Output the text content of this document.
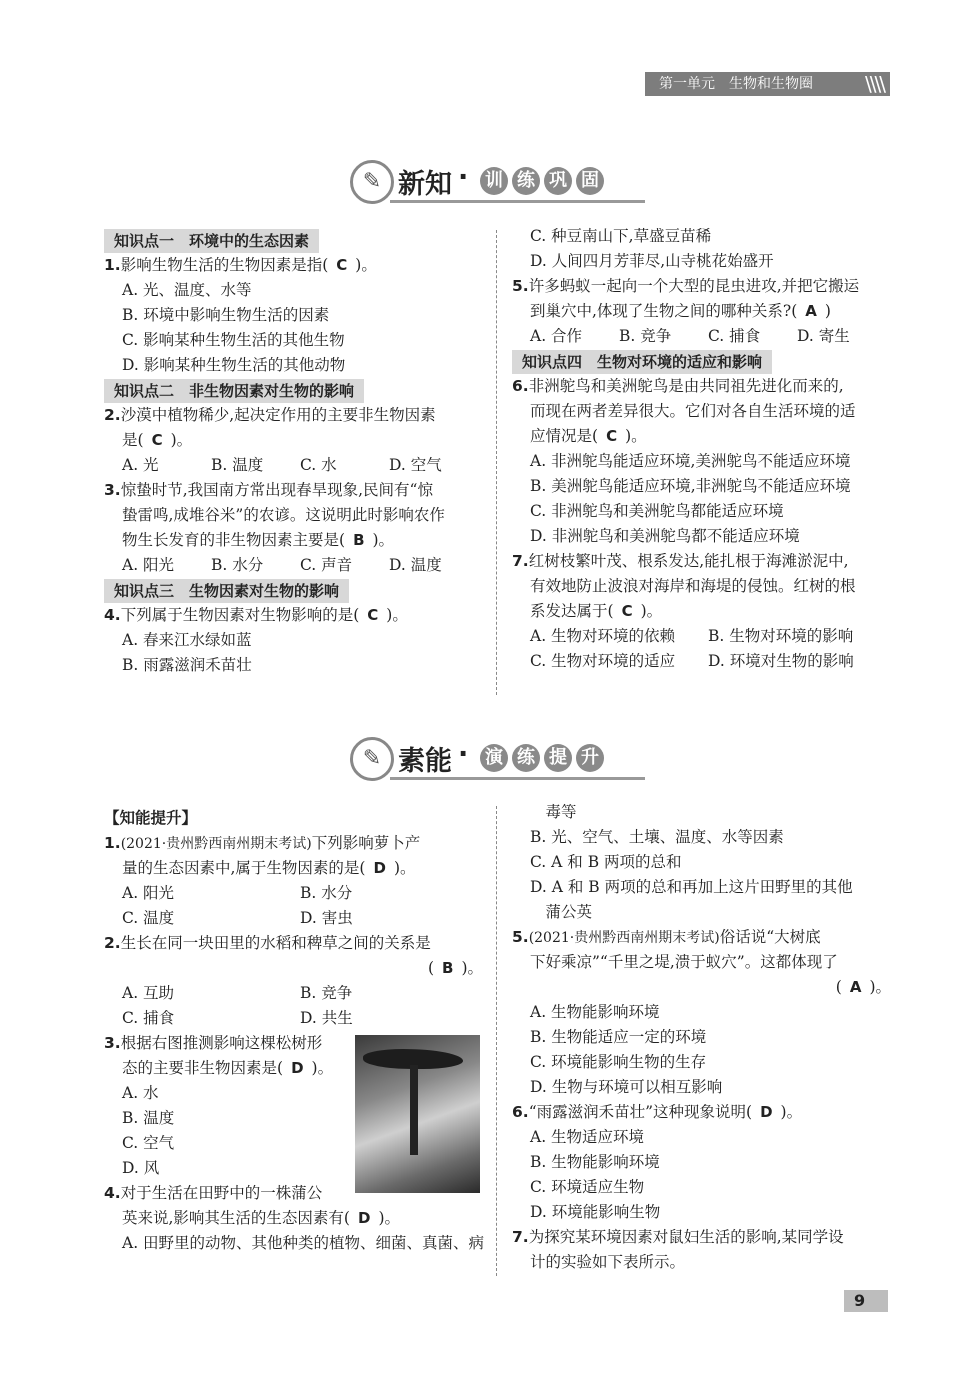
第一单元　生物和生物圈	\\\\
✎ 新知 · 训 练 巩 固
知识点一　环境中的生态因素
1.影响生物生活的生物因素是指( C )。
A. 光、温度、水等
B. 环境中影响生物生活的因素
C. 影响某种生物生活的其他生物
D. 影响某种生物生活的其他动物
知识点二　非生物因素对生物的影响
2.沙漠中植物稀少,起决定作用的主要非生物因素
是( C )。
A. 光	B. 温度 C. 水	D. 空气
3.惊蛰时节,我国南方常出现春旱现象,民间有“惊
蛰雷鸣,成堆谷米”的农谚。这说明此时影响农作
物生长发育的非生物因素主要是( B )。
A. 阳光 B. 水分 C. 声音 D. 温度
知识点三　生物因素对生物的影响
4.下列属于生物因素对生物影响的是( C )。
A. 春来江水绿如蓝
B. 雨露滋润禾苗壮
C. 种豆南山下,草盛豆苗稀
D. 人间四月芳菲尽,山寺桃花始盛开
5.许多蚂蚁一起向一个大型的昆虫进攻,并把它搬运
到巢穴中,体现了生物之间的哪种关系?( A )
A. 合作 B. 竞争 C. 捕食 D. 寄生
知识点四　生物对环境的适应和影响
6.非洲鸵鸟和美洲鸵鸟是由共同祖先进化而来的,
而现在两者差异很大。它们对各自生活环境的适
应情况是( C )。
A. 非洲鸵鸟能适应环境,美洲鸵鸟不能适应环境
B. 美洲鸵鸟能适应环境,非洲鸵鸟不能适应环境
C. 非洲鸵鸟和美洲鸵鸟都能适应环境
D. 非洲鸵鸟和美洲鸵鸟都不能适应环境
7.红树枝繁叶茂、根系发达,能扎根于海滩淤泥中,
有效地防止波浪对海岸和海堤的侵蚀。红树的根
系发达属于( C )。
A. 生物对环境的依赖 B. 生物对环境的影响
C. 生物对环境的适应 D. 环境对生物的影响
✎ 素能 · 演 练 提 升
【知能提升】
1.(2021·贵州黔西南州期末考试)下列影响萝卜产
量的生态因素中,属于生物因素的是( D )。
A. 阳光	B. 水分
C. 温度	D. 害虫
2.生长在同一块田里的水稻和稗草之间的关系是
( B )。
A. 互助	B. 竞争
C. 捕食	D. 共生
3.根据右图推测影响这棵松树形
态的主要非生物因素是( D )。
A. 水
B. 温度
C. 空气
D. 风
4.对于生活在田野中的一株蒲公
英来说,影响其生活的生态因素有( D )。
A. 田野里的动物、其他种类的植物、细菌、真菌、病
　毒等
B. 光、空气、土壤、温度、水等因素
C. A 和 B 两项的总和
D. A 和 B 两项的总和再加上这片田野里的其他
　蒲公英
5.(2021·贵州黔西南州期末考试)俗话说“大树底
下好乘凉”“千里之堤,溃于蚁穴”。这都体现了
( A )。
A. 生物能影响环境
B. 生物能适应一定的环境
C. 环境能影响生物的生存
D. 生物与环境可以相互影响
6.“雨露滋润禾苗壮”这种现象说明( D )。
A. 生物适应环境
B. 生物能影响环境
C. 环境适应生物
D. 环境能影响生物
7.为探究某环境因素对鼠妇生活的影响,某同学设
计的实验如下表所示。
9
